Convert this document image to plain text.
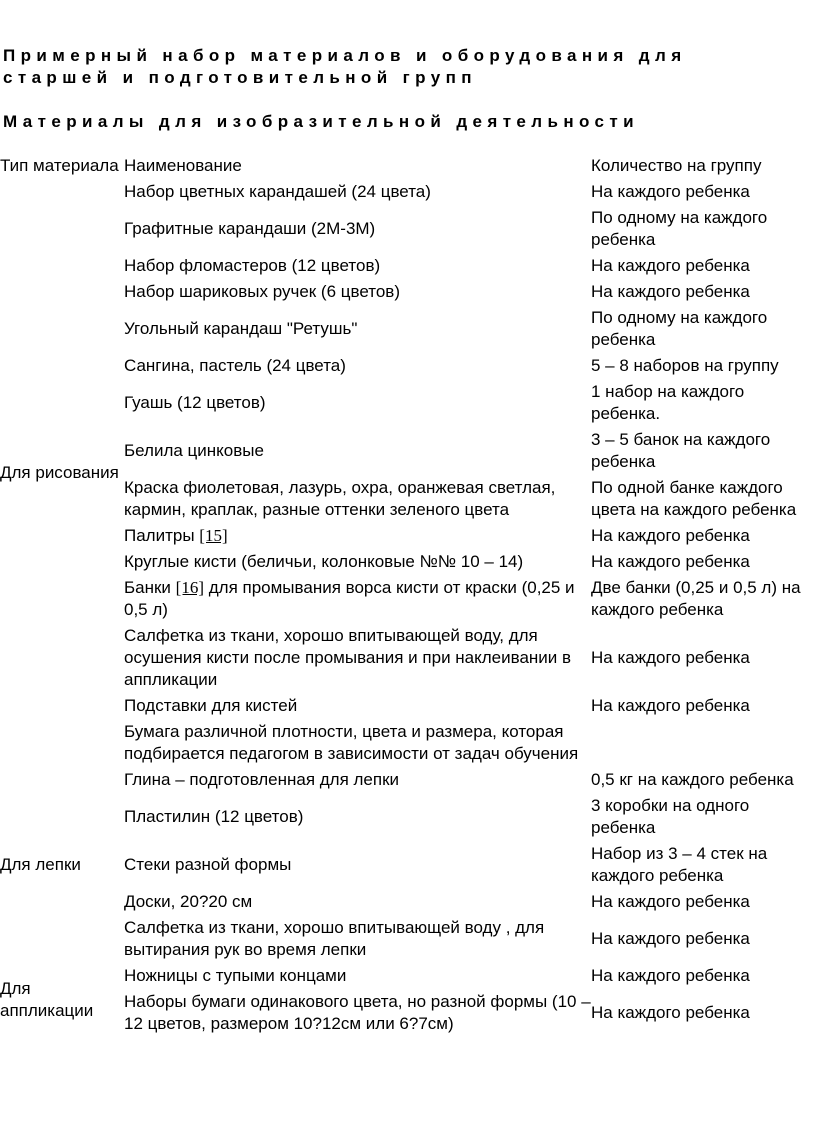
Примерный набор материалов и оборудования для старшей и подготовительной групп
Материалы для изобразительной деятельности
Тип материала	Наименование	Количество на группу
Для рисования	Набор цветных карандашей (24 цвета)	На каждого ребенка
	Графитные карандаши (2М-3М)	По одному на каждого ребенка
	Набор фломастеров (12 цветов)	На каждого ребенка
	Набор шариковых ручек (6 цветов)	На каждого ребенка
	Угольный карандаш "Ретушь"	По одному на каждого ребенка
	Сангина, пастель (24 цвета)	5 – 8 наборов на группу
	Гуашь (12 цветов)	1 набор на каждого ребенка.
	Белила цинковые	3 – 5 банок на каждого ребенка
	Краска фиолетовая, лазурь, охра, оранжевая светлая, кармин, краплак, разные оттенки зеленого цвета	По одной банке каждого цвета на каждого ребенка
	Палитры [15]	На каждого ребенка
	Круглые кисти (беличьи, колонковые №№ 10 – 14)	На каждого ребенка
	Банки [16] для промывания ворса кисти от краски (0,25 и 0,5 л)	Две банки (0,25 и 0,5 л) на каждого ребенка
	Салфетка из ткани, хорошо впитывающей воду, для осушения кисти после промывания и при наклеивании в аппликации	На каждого ребенка
	Подставки для кистей	На каждого ребенка
	Бумага различной плотности, цвета и размера, которая подбирается педагогом в зависимости от задач обучения	
Для лепки	Глина – подготовленная для лепки	0,5 кг на каждого ребенка
	Пластилин (12 цветов)	3 коробки на одного ребенка
	Стеки разной формы	Набор из 3 – 4 стек на каждого ребенка
	Доски, 20?20 см	На каждого ребенка
	Салфетка из ткани, хорошо впитывающей воду , для вытирания рук во время лепки	На каждого ребенка
Для аппликации	Ножницы с тупыми концами	На каждого ребенка
	Наборы бумаги одинакового цвета, но разной формы (10 – 12 цветов, размером 10?12см или 6?7см)	На каждого ребенка
